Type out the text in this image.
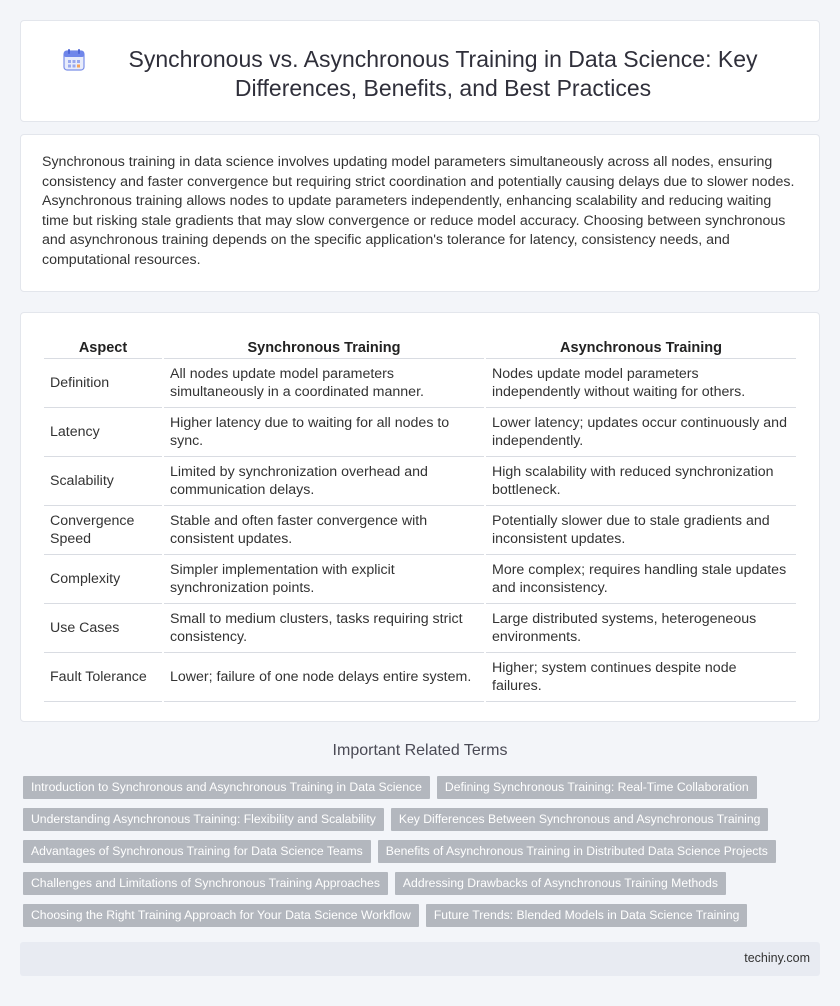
Synchronous vs. Asynchronous Training in Data Science: Key Differences, Benefits, and Best Practices

Synchronous training in data science involves updating model parameters simultaneously across all nodes, ensuring consistency and faster convergence but requiring strict coordination and potentially causing delays due to slower nodes. Asynchronous training allows nodes to update parameters independently, enhancing scalability and reducing waiting time but risking stale gradients that may slow convergence or reduce model accuracy. Choosing between synchronous and asynchronous training depends on the specific application's tolerance for latency, consistency needs, and computational resources.

Aspect	Synchronous Training	Asynchronous Training
Definition	All nodes update model parameters simultaneously in a coordinated manner.	Nodes update model parameters independently without waiting for others.
Latency	Higher latency due to waiting for all nodes to sync.	Lower latency; updates occur continuously and independently.
Scalability	Limited by synchronization overhead and communication delays.	High scalability with reduced synchronization bottleneck.
Convergence Speed	Stable and often faster convergence with consistent updates.	Potentially slower due to stale gradients and inconsistent updates.
Complexity	Simpler implementation with explicit synchronization points.	More complex; requires handling stale updates and inconsistency.
Use Cases	Small to medium clusters, tasks requiring strict consistency.	Large distributed systems, heterogeneous environments.
Fault Tolerance	Lower; failure of one node delays entire system.	Higher; system continues despite node failures.
Important Related Terms
Introduction to Synchronous and Asynchronous Training in Data Science	Defining Synchronous Training: Real-Time Collaboration
Understanding Asynchronous Training: Flexibility and Scalability	Key Differences Between Synchronous and Asynchronous Training
Advantages of Synchronous Training for Data Science Teams	Benefits of Asynchronous Training in Distributed Data Science Projects
Challenges and Limitations of Synchronous Training Approaches	Addressing Drawbacks of Asynchronous Training Methods
Choosing the Right Training Approach for Your Data Science Workflow	Future Trends: Blended Models in Data Science Training
techiny.com
